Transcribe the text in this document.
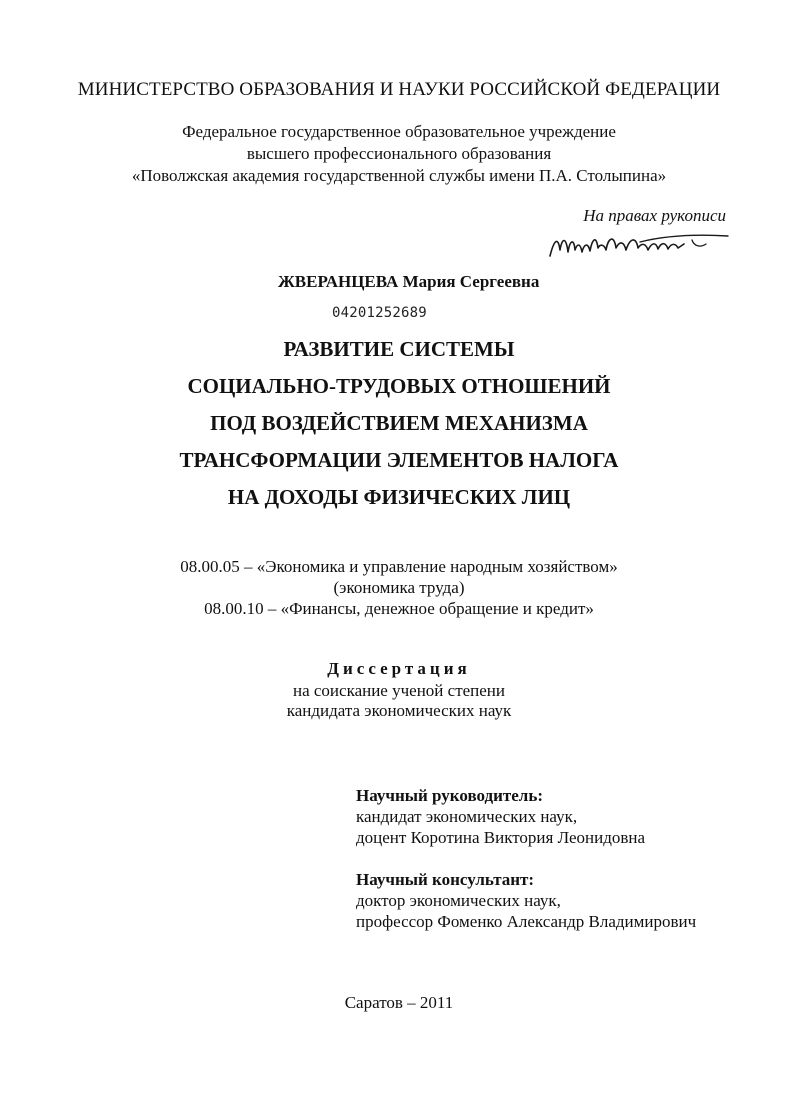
МИНИСТЕРСТВО ОБРАЗОВАНИЯ И НАУКИ РОССИЙСКОЙ ФЕДЕРАЦИИ
Федеральное государственное образовательное учреждение
высшего профессионального образования
«Поволжская академия государственной службы имени П.А. Столыпина»
На правах рукописи
ЖВЕРАНЦЕВА Мария Сергеевна
04201252689
РАЗВИТИЕ СИСТЕМЫ
СОЦИАЛЬНО-ТРУДОВЫХ ОТНОШЕНИЙ
ПОД ВОЗДЕЙСТВИЕМ МЕХАНИЗМА
ТРАНСФОРМАЦИИ ЭЛЕМЕНТОВ НАЛОГА
НА ДОХОДЫ ФИЗИЧЕСКИХ ЛИЦ
08.00.05 – «Экономика и управление народным хозяйством»
(экономика труда)
08.00.10 – «Финансы, денежное обращение и кредит»
Диссертация
на соискание ученой степени
кандидата экономических наук
Научный руководитель:
кандидат экономических наук,
доцент Коротина Виктория Леонидовна
Научный консультант:
доктор экономических наук,
профессор Фоменко Александр Владимирович
Саратов – 2011
